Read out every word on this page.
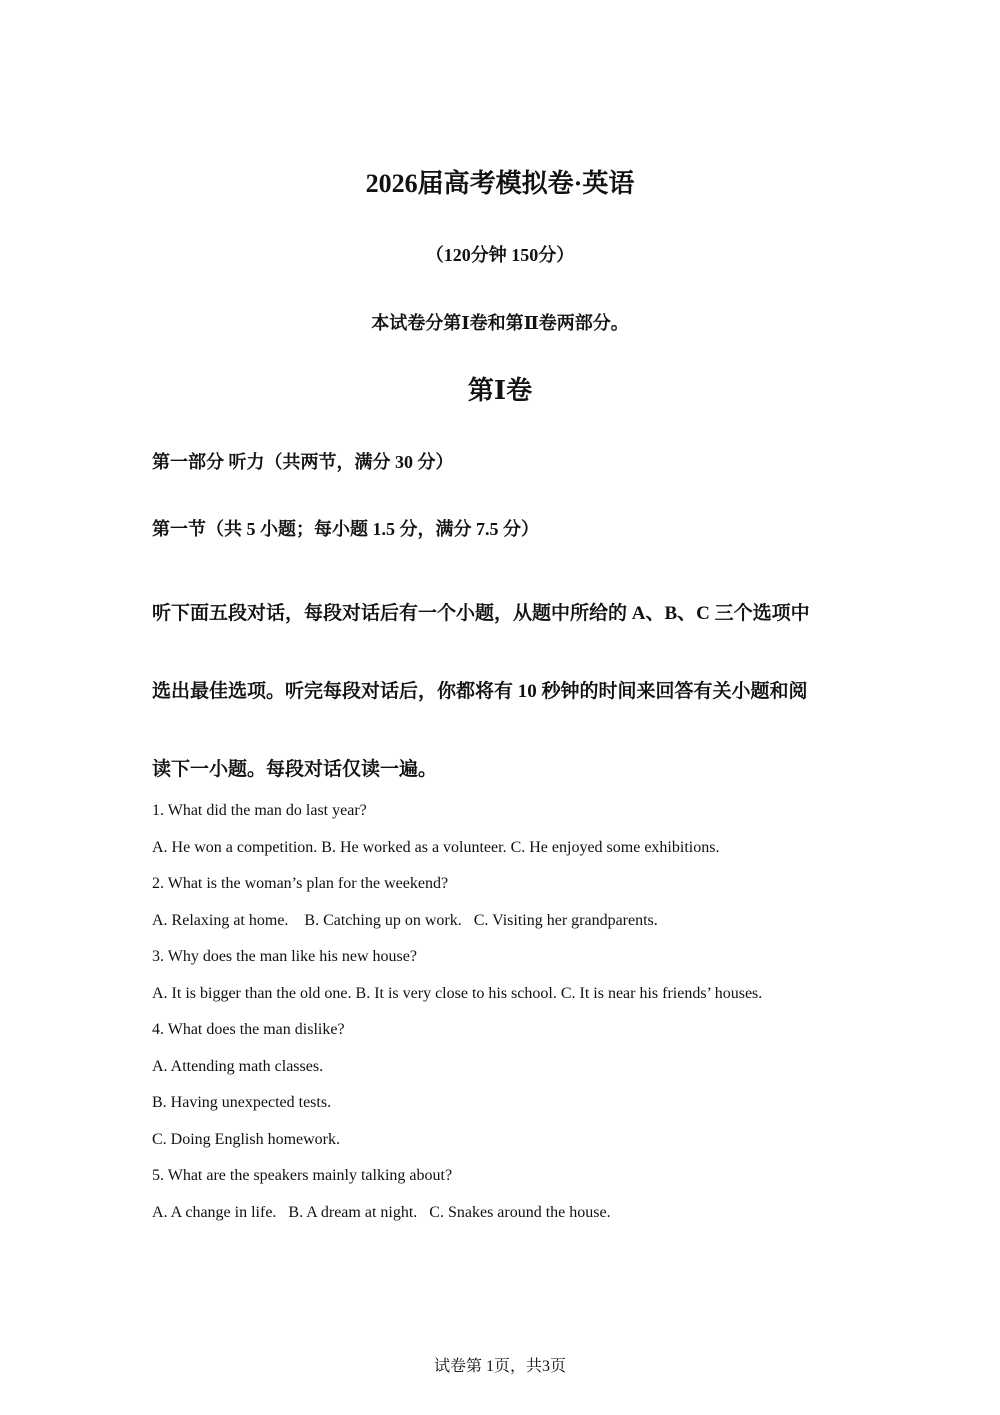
2026届高考模拟卷·英语
（120分钟 150分）
本试卷分第Ⅰ卷和第Ⅱ卷两部分。
第Ⅰ卷
第一部分 听力（共两节，满分 30 分）
第一节（共 5 小题；每小题 1.5 分，满分 7.5 分）
听下面五段对话，每段对话后有一个小题，从题中所给的 A、B、C 三个选项中
选出最佳选项。听完每段对话后，你都将有 10 秒钟的时间来回答有关小题和阅
读下一小题。每段对话仅读一遍。
1. What did the man do last year?
A. He won a competition. B. He worked as a volunteer. C. He enjoyed some exhibitions.
2. What is the woman’s plan for the weekend?
A. Relaxing at home.    B. Catching up on work.   C. Visiting her grandparents.
3. Why does the man like his new house?
A. It is bigger than the old one. B. It is very close to his school. C. It is near his friends’ houses.
4. What does the man dislike?
A. Attending math classes.
B. Having unexpected tests.
C. Doing English homework.
5. What are the speakers mainly talking about?
A. A change in life.   B. A dream at night.   C. Snakes around the house.
试卷第 1页，共3页
